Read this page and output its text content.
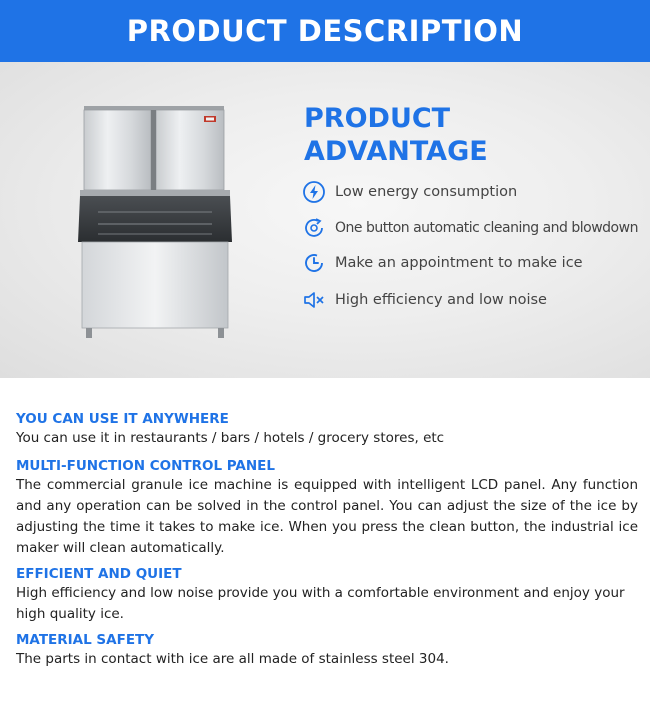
PRODUCT DESCRIPTION
PRODUCT
ADVANTAGE
Low energy consumption
One button automatic cleaning and blowdown
Make an appointment to make ice
High efficiency and low noise
YOU CAN USE IT ANYWHERE
You can use it in restaurants / bars / hotels / grocery stores, etc
MULTI-FUNCTION CONTROL PANEL
The commercial granule ice machine is equipped with intelligent LCD panel. Any function and any operation can be solved in the control panel. You can adjust the size of the ice by adjusting the time it takes to make ice. When you press the clean button, the industrial ice maker will clean automatically.
EFFICIENT AND QUIET
High efficiency and low noise provide you with a comfortable environment and enjoy your high quality ice.
MATERIAL SAFETY
The parts in contact with ice are all made of stainless steel 304.
